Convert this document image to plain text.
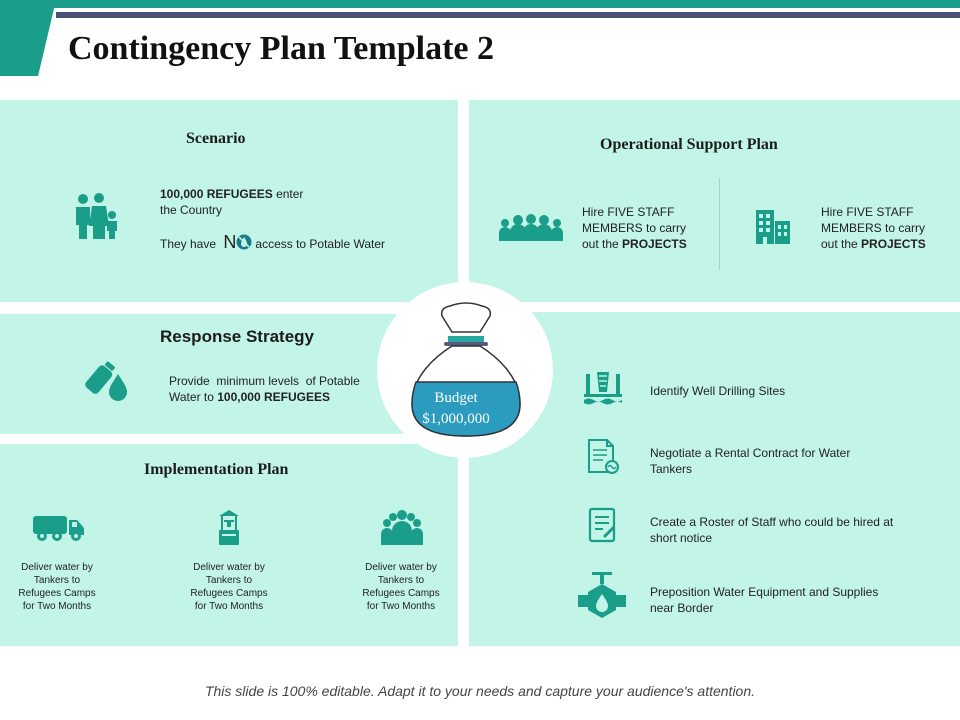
Contingency Plan Template 2
Scenario
100,000 REFUGEES enter
the Country
They have N access to Potable Water
Operational Support Plan
Hire FIVE STAFF
MEMBERS to carry
out the PROJECTS
Hire FIVE STAFF
MEMBERS to carry
out the PROJECTS
Response Strategy
Provide  minimum levels  of Potable
Water to 100,000 REFUGEES	Budget
$1,000,000
Implementation Plan
Deliver water by
Tankers to
Refugees Camps
for Two Months
Deliver water by
Tankers to
Refugees Camps
for Two Months
Deliver water by
Tankers to
Refugees Camps
for Two Months
Identify Well Drilling Sites
Negotiate a Rental Contract for Water
Tankers
Create a Roster of Staff who could be hired at
short notice
Preposition Water Equipment and Supplies
near Border
This slide is 100% editable. Adapt it to your needs and capture your audience's attention.
